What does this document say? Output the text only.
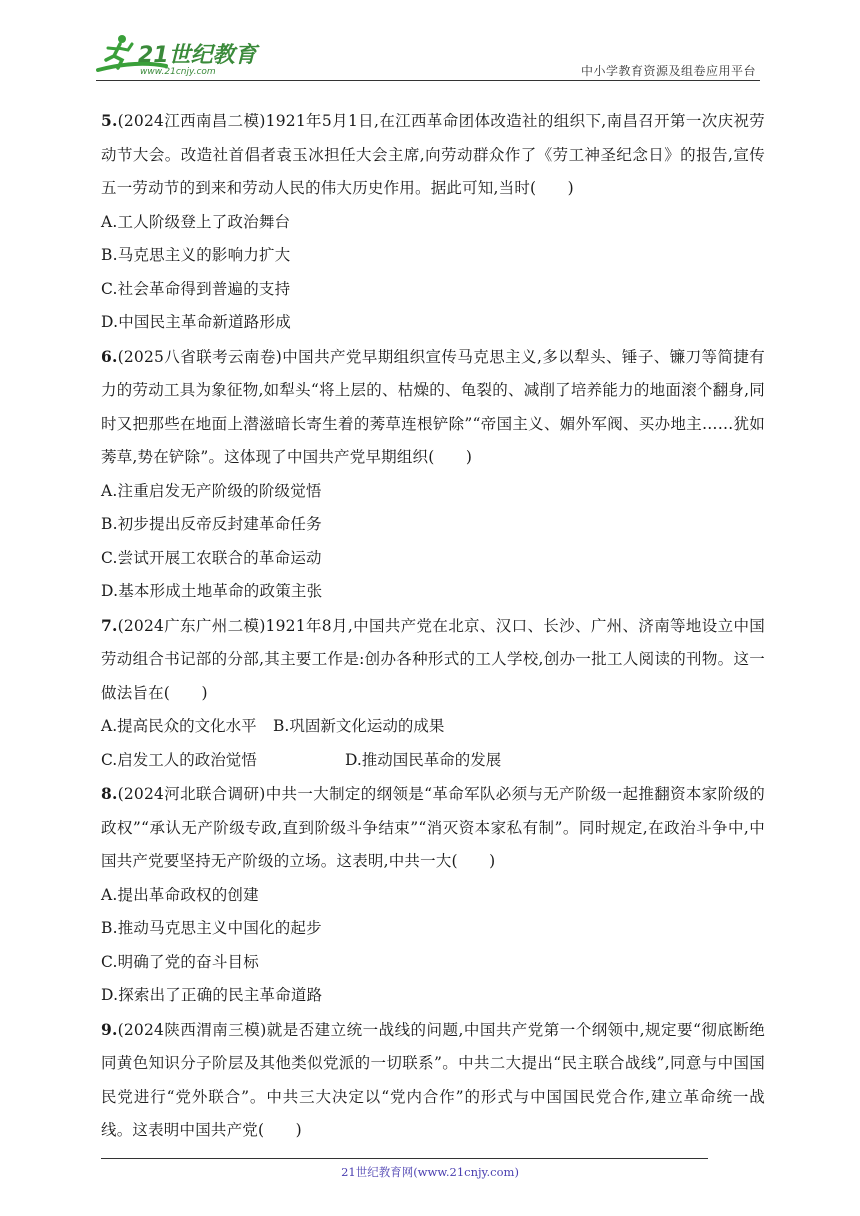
21世纪教育
www.21cnjy.com	中小学教育资源及组卷应用平台

5.(2024江西南昌二模)1921年5月1日,在江西革命团体改造社的组织下,南昌召开第一次庆祝劳动节大会。改造社首倡者袁玉冰担任大会主席,向劳动群众作了《劳工神圣纪念日》的报告,宣传五一劳动节的到来和劳动人民的伟大历史作用。据此可知,当时(　　)

A.工人阶级登上了政治舞台

B.马克思主义的影响力扩大

C.社会革命得到普遍的支持

D.中国民主革命新道路形成

6.(2025八省联考云南卷)中国共产党早期组织宣传马克思主义,多以犁头、锤子、镰刀等简捷有力的劳动工具为象征物,如犁头“将上层的、枯燥的、龟裂的、减削了培养能力的地面滚个翻身,同时又把那些在地面上潜滋暗长寄生着的莠草连根铲除”“帝国主义、媚外军阀、买办地主……犹如莠草,势在铲除”。这体现了中国共产党早期组织(　　)

A.注重启发无产阶级的阶级觉悟

B.初步提出反帝反封建革命任务

C.尝试开展工农联合的革命运动

D.基本形成土地革命的政策主张

7.(2024广东广州二模)1921年8月,中国共产党在北京、汉口、长沙、广州、济南等地设立中国劳动组合书记部的分部,其主要工作是:创办各种形式的工人学校,创办一批工人阅读的刊物。这一做法旨在(　　)

A.提高民众的文化水平	B.巩固新文化运动的成果
C.启发工人的政治觉悟	D.推动国民革命的发展

8.(2024河北联合调研)中共一大制定的纲领是“革命军队必须与无产阶级一起推翻资本家阶级的政权”“承认无产阶级专政,直到阶级斗争结束”“消灭资本家私有制”。同时规定,在政治斗争中,中国共产党要坚持无产阶级的立场。这表明,中共一大(　　)

A.提出革命政权的创建

B.推动马克思主义中国化的起步

C.明确了党的奋斗目标

D.探索出了正确的民主革命道路

9.(2024陕西渭南三模)就是否建立统一战线的问题,中国共产党第一个纲领中,规定要“彻底断绝同黄色知识分子阶层及其他类似党派的一切联系”。中共二大提出“民主联合战线”,同意与中国国民党进行“党外联合”。中共三大决定以“党内合作”的形式与中国国民党合作,建立革命统一战线。这表明中国共产党(　　)

21世纪教育网(www.21cnjy.com)
